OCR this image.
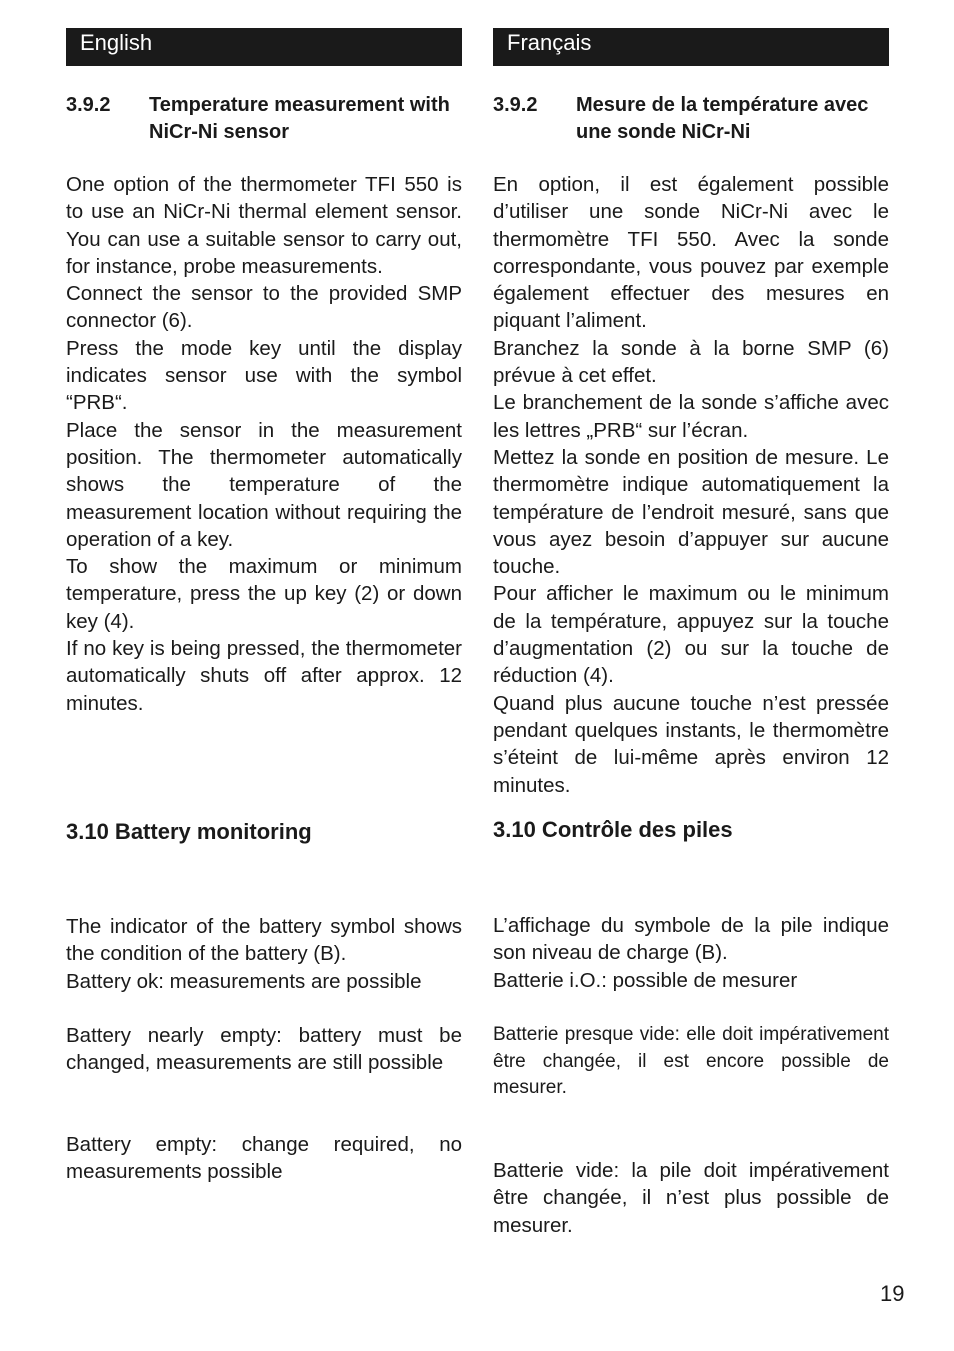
English
3.9.2 Temperature measurement with NiCr-Ni sensor

One option of the thermometer TFI 550 is to use an NiCr-Ni thermal element sensor. You can use a suitable sensor to carry out, for instance, probe measurements.

Connect the sensor to the provided SMP connector (6).

Press the mode key until the display indicates sensor use with the symbol “PRB“.

Place the sensor in the measurement position. The thermometer automatically shows the temperature of the measurement location without requiring the operation of a key.

To show the maximum or minimum temperature, press the up key (2) or down key (4).

If no key is being pressed, the thermometer automatically shuts off after approx. 12 minutes.

3.10 Battery monitoring

The indicator of the battery symbol shows the condition of the battery (B).

Battery ok: measurements are possible

Battery nearly empty: battery must be changed, measurements are still possible

Battery empty: change required, no measurements possible

Français
3.9.2 Mesure de la température avec une sonde NiCr-Ni

En option, il est également possible d’utiliser une sonde NiCr-Ni avec le thermomètre TFI 550. Avec la sonde correspondante, vous pouvez par exemple également effectuer des mesures en piquant l’aliment.

Branchez la sonde à la borne SMP (6) prévue à cet effet.

Le branchement de la sonde s’affiche avec les lettres „PRB“ sur l’écran.

Mettez la sonde en position de mesure. Le thermomètre indique automatiquement la température de l’endroit mesuré, sans que vous ayez besoin d’appuyer sur aucune touche.

Pour afficher le maximum ou le minimum de la température, appuyez sur la touche d’augmentation (2) ou sur la touche de réduction (4).

Quand plus aucune touche n’est pressée pendant quelques instants, le thermomètre s’éteint de lui-même après environ 12 minutes.

3.10 Contrôle des piles

L’affichage du symbole de la pile indique son niveau de charge (B).

Batterie i.O.: possible de mesurer

Batterie presque vide: elle doit impérativement être changée, il est encore possible de mesurer.

Batterie vide: la pile doit impérativement être changée, il n’est plus possible de mesurer.

19
